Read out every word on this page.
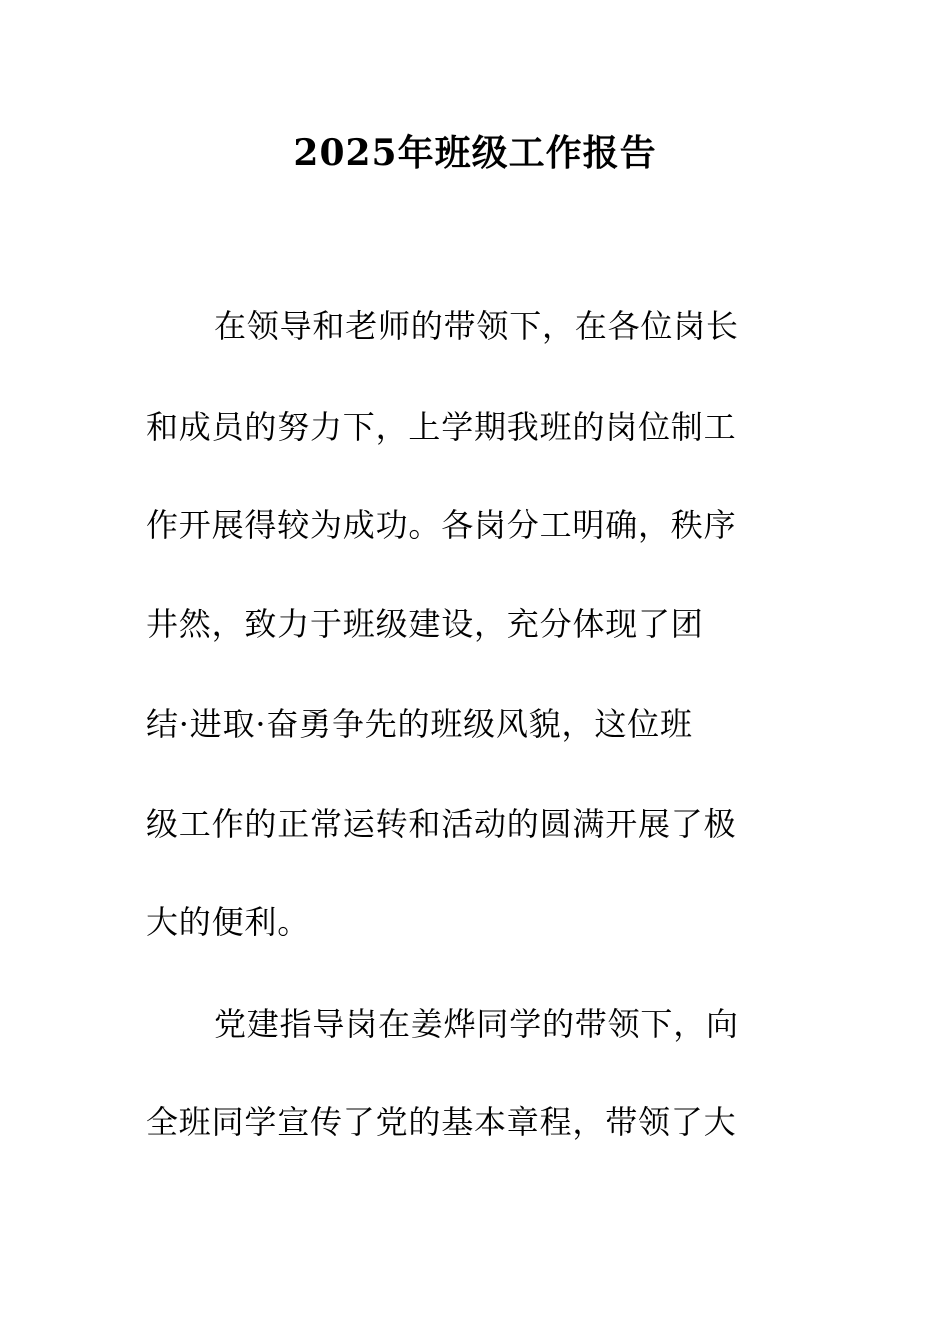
2025年班级工作报告

在领导和老师的带领下，在各位岗长

和成员的努力下，上学期我班的岗位制工

作开展得较为成功。各岗分工明确，秩序

井然，致力于班级建设，充分体现了团

结·进取·奋勇争先的班级风貌，这位班

级工作的正常运转和活动的圆满开展了极

大的便利。

党建指导岗在姜烨同学的带领下，向

全班同学宣传了党的基本章程，带领了大
